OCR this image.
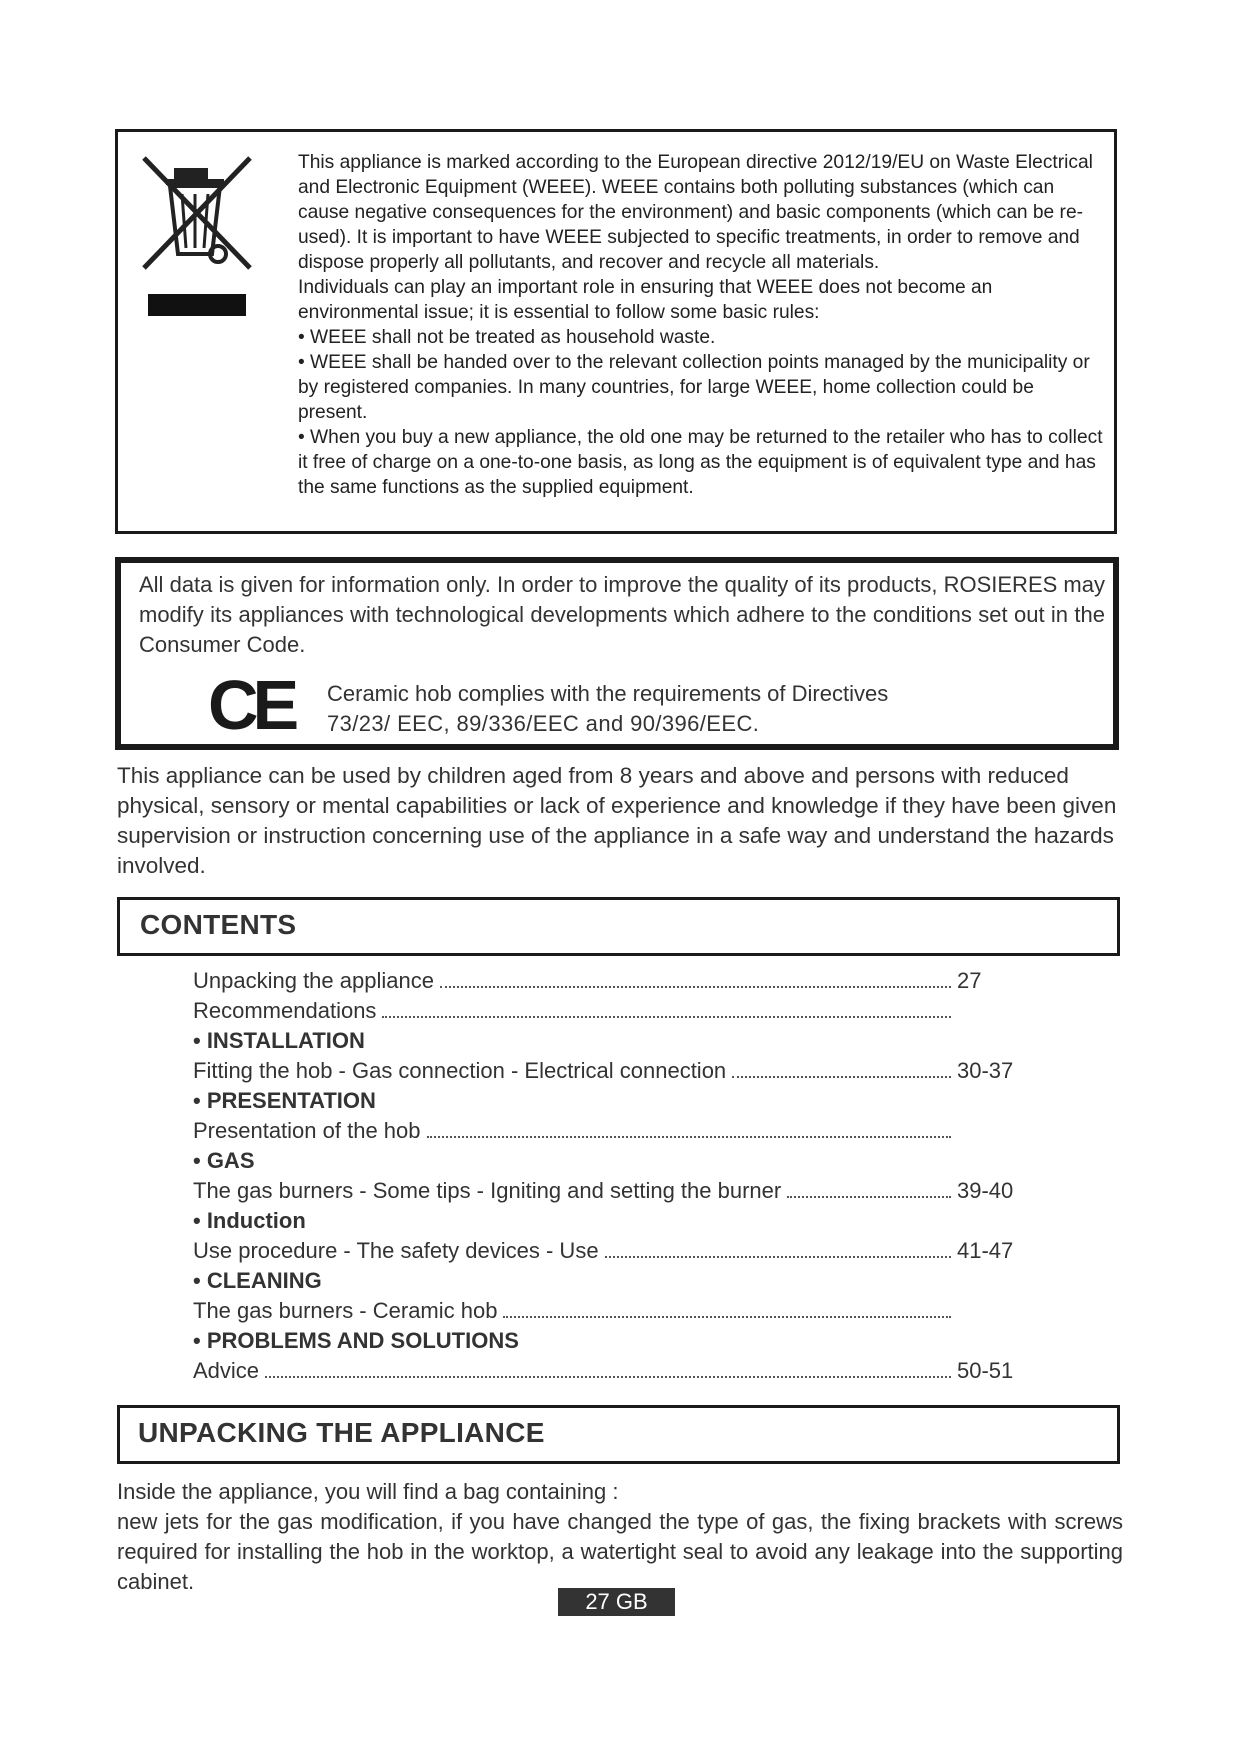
This appliance is marked according to the European directive 2012/19/EU on Waste Electrical and Electronic Equipment (WEEE). WEEE contains both polluting substances (which can cause negative consequences for the environment) and basic components (which can be re-used). It is important to have WEEE subjected to specific treatments, in order to remove and dispose properly all pollutants, and recover and recycle all materials.

Individuals can play an important role in ensuring that WEEE does not become an environmental issue; it is essential to follow some basic rules:

• WEEE shall not be treated as household waste.

• WEEE shall be handed over to the relevant collection points managed by the municipality or by registered companies. In many countries, for large WEEE, home collection could be present.

• When you buy a new appliance, the old one may be returned to the retailer who has to collect it free of charge on a one-to-one basis, as long as the equipment is of equivalent type and has the same functions as the supplied equipment.

All data is given for information only. In order to improve the quality of its products, ROSIERES may modify its appliances with technological developments which adhere to the conditions set out in the Consumer Code.
CE Ceramic hob complies with the requirements of Directives

73/23/ EEC, 89/336/EEC and 90/396/EEC.

This appliance can be used by children aged from 8 years and above and persons with reduced physical, sensory or mental capabilities or lack of experience and knowledge if they have been given supervision or instruction concerning use of the appliance in a safe way and understand the hazards involved.

CONTENTS
Unpacking the appliance	27
Recommendations
• INSTALLATION
Fitting the hob - Gas connection - Electrical connection	30-37
• PRESENTATION
Presentation of the hob
• GAS
The gas burners - Some tips - Igniting and setting the burner	39-40
• Induction
Use procedure - The safety devices - Use	41-47
• CLEANING
The gas burners - Ceramic hob
• PROBLEMS AND SOLUTIONS
Advice	50-51
UNPACKING THE APPLIANCE

Inside the appliance, you will find a bag containing :

new jets for the gas modification, if you have changed the type of gas, the fixing brackets with screws required for installing the hob in the worktop, a watertight seal to avoid any leakage into the supporting cabinet.

27 GB
